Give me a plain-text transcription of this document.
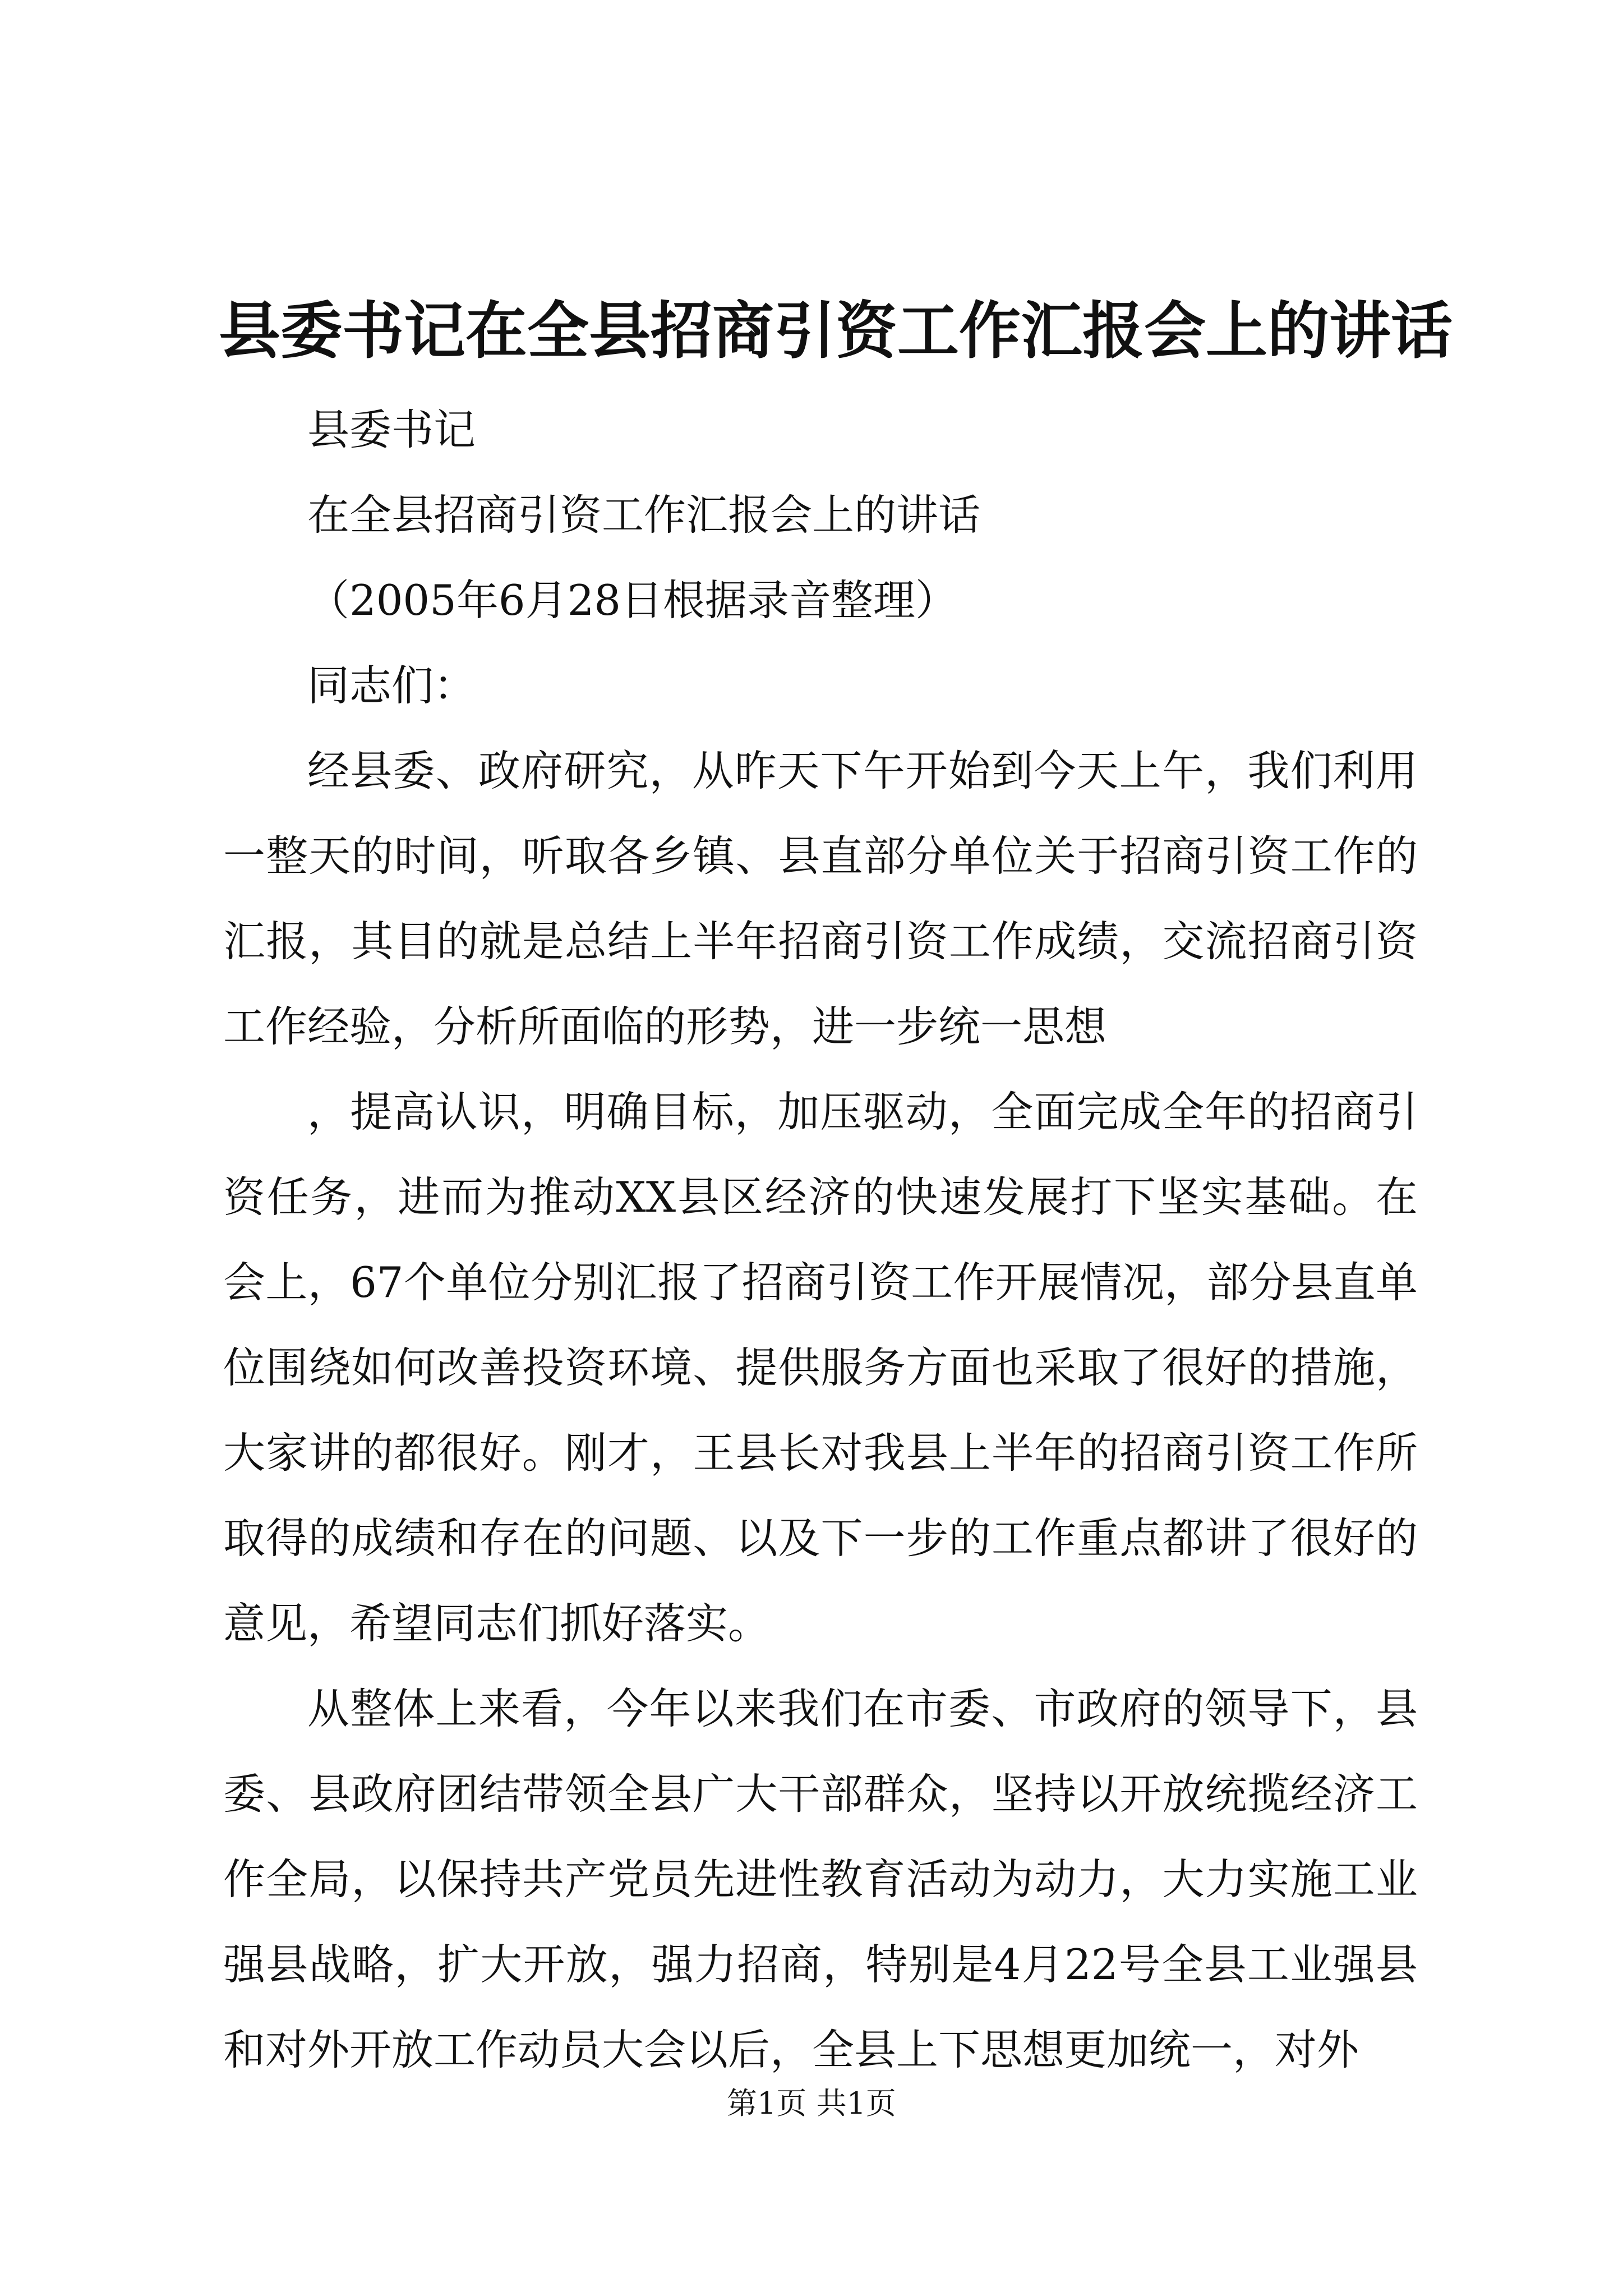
县委书记在全县招商引资工作汇报会上的讲话

县委书记

在全县招商引资工作汇报会上的讲话

（2005年6月28日根据录音整理）

同志们：

经县委、政府研究，从昨天下午开始到今天上午，我们利用一整天的时间，听取各乡镇、县直部分单位关于招商引资工作的汇报，其目的就是总结上半年招商引资工作成绩，交流招商引资工作经验，分析所面临的形势，进一步统一思想

，提高认识，明确目标，加压驱动，全面完成全年的招商引资任务，进而为推动XX县区经济的快速发展打下坚实基础。在会上，67个单位分别汇报了招商引资工作开展情况，部分县直单位围绕如何改善投资环境、提供服务方面也采取了很好的措施，大家讲的都很好。刚才，王县长对我县上半年的招商引资工作所取得的成绩和存在的问题、以及下一步的工作重点都讲了很好的意见，希望同志们抓好落实。

从整体上来看，今年以来我们在市委、市政府的领导下，县委、县政府团结带领全县广大干部群众，坚持以开放统揽经济工作全局，以保持共产党员先进性教育活动为动力，大力实施工业强县战略，扩大开放，强力招商，特别是4月22号全县工业强县和对外开放工作动员大会以后，全县上下思想更加统一，对外

第1页 共1页
